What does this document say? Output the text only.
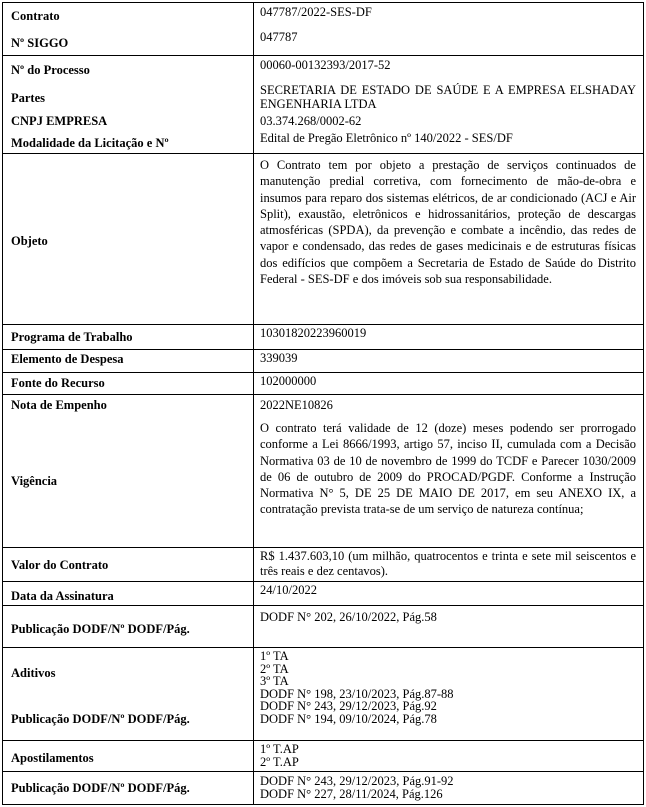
Contrato
Nº SIGGO
Nº do Processo
Partes
CNPJ EMPRESA
Modalidade da Licitação e Nº
Objeto
Programa de Trabalho
Elemento de Despesa
Fonte do Recurso
Nota de Empenho
Vigência
Valor do Contrato
Data da Assinatura
Publicação DODF/Nº DODF/Pág.
Aditivos
Publicação DODF/Nº DODF/Pág.
Apostilamentos
Publicação DODF/Nº DODF/Pág.
047787/2022-SES-DF
047787
00060-00132393/2017-52
SECRETARIA DE ESTADO DE SAÚDE E A EMPRESA ELSHADAY ENGENHARIA LTDA
03.374.268/0002-62
Edital de Pregão Eletrônico nº 140/2022 - SES/DF
O Contrato tem por objeto a prestação de serviços continuados de manutenção predial corretiva, com fornecimento de mão-de-obra e insumos para reparo dos sistemas elétricos, de ar condicionado (ACJ e Air Split), exaustão, eletrônicos e hidrossanitários, proteção de descargas atmosféricas (SPDA), da prevenção e combate a incêndio, das redes de vapor e condensado, das redes de gases medicinais e de estruturas físicas dos edifícios que compõem a Secretaria de Estado de Saúde do Distrito Federal - SES-DF e dos imóveis sob sua responsabilidade.
10301820223960019
339039
102000000
2022NE10826
O contrato terá validade de 12 (doze) meses podendo ser prorrogado conforme a Lei 8666/1993, artigo 57, inciso II, cumulada com a Decisão Normativa 03 de 10 de novembro de 1999 do TCDF e Parecer 1030/2009 de 06 de outubro de 2009 do PROCAD/PGDF. Conforme a Instrução Normativa N° 5, DE 25 DE MAIO DE 2017, em seu ANEXO IX, a contratação prevista trata-se de um serviço de natureza contínua;
R$ 1.437.603,10 (um milhão, quatrocentos e trinta e sete mil seiscentos e três reais e dez centavos).
24/10/2022
DODF N° 202, 26/10/2022, Pág.58
1º TA
2º TA
3º TA
DODF N° 198, 23/10/2023, Pág.87-88
DODF N° 243, 29/12/2023, Pág.92
DODF N° 194, 09/10/2024, Pág.78
1º T.AP
2º T.AP
DODF N° 243, 29/12/2023, Pág.91-92
DODF N° 227, 28/11/2024, Pág.126
